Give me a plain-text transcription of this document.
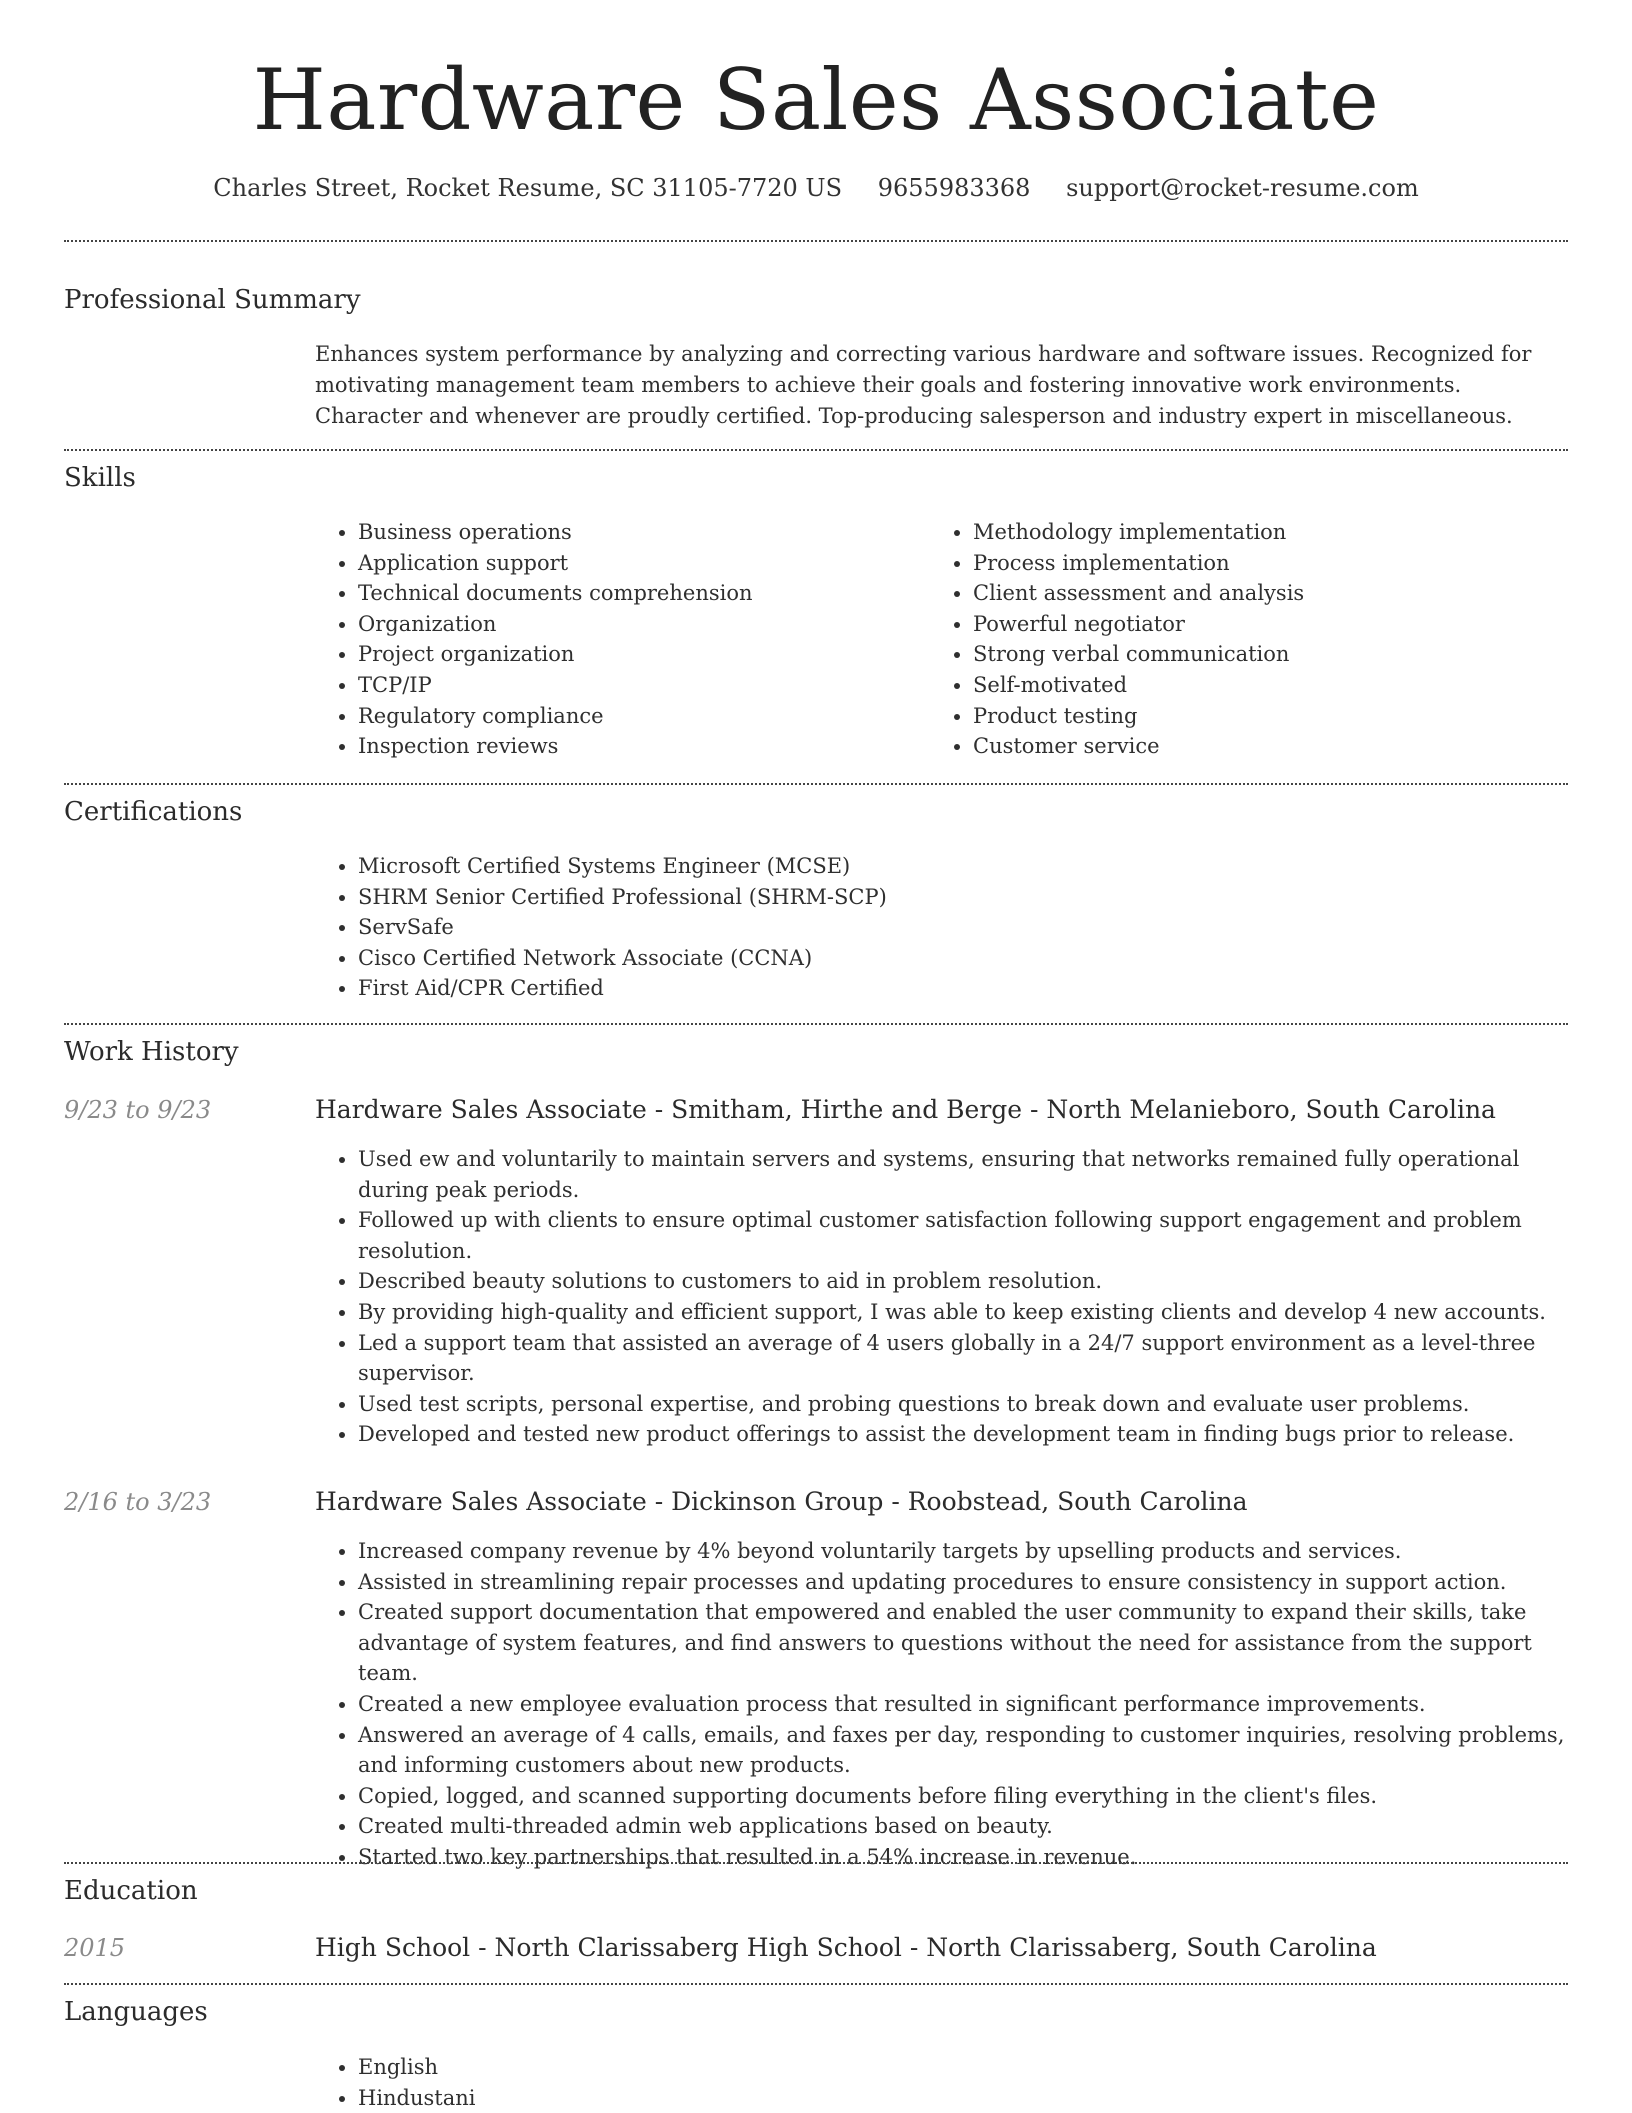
Hardware Sales Associate
Charles Street, Rocket Resume, SC 31105-7720 US 9655983368 support@rocket-resume.com
Professional Summary
Enhances system performance by analyzing and correcting various hardware and software issues. Recognized for motivating management team members to achieve their goals and fostering innovative work environments. Character and whenever are proudly certified. Top-producing salesperson and industry expert in miscellaneous.
Skills
• Business operations
• Application support
• Technical documents comprehension
• Organization
• Project organization
• TCP/IP
• Regulatory compliance
• Inspection reviews
• Methodology implementation
• Process implementation
• Client assessment and analysis
• Powerful negotiator
• Strong verbal communication
• Self-motivated
• Product testing
• Customer service
Certifications
• Microsoft Certified Systems Engineer (MCSE)
• SHRM Senior Certified Professional (SHRM-SCP)
• ServSafe
• Cisco Certified Network Associate (CCNA)
• First Aid/CPR Certified
Work History
9/23 to 9/23	Hardware Sales Associate - Smitham, Hirthe and Berge - North Melanieboro, South Carolina
• Used ew and voluntarily to maintain servers and systems, ensuring that networks remained fully operational during peak periods.
• Followed up with clients to ensure optimal customer satisfaction following support engagement and problem resolution.
• Described beauty solutions to customers to aid in problem resolution.
• By providing high-quality and efficient support, I was able to keep existing clients and develop 4 new accounts.
• Led a support team that assisted an average of 4 users globally in a 24/7 support environment as a level-three supervisor.
• Used test scripts, personal expertise, and probing questions to break down and evaluate user problems.
• Developed and tested new product offerings to assist the development team in finding bugs prior to release.
2/16 to 3/23	Hardware Sales Associate - Dickinson Group - Roobstead, South Carolina
• Increased company revenue by 4% beyond voluntarily targets by upselling products and services.
• Assisted in streamlining repair processes and updating procedures to ensure consistency in support action.
• Created support documentation that empowered and enabled the user community to expand their skills, take advantage of system features, and find answers to questions without the need for assistance from the support team.
• Created a new employee evaluation process that resulted in significant performance improvements.
• Answered an average of 4 calls, emails, and faxes per day, responding to customer inquiries, resolving problems, and informing customers about new products.
• Copied, logged, and scanned supporting documents before filing everything in the client's files.
• Created multi-threaded admin web applications based on beauty.
• Started two key partnerships that resulted in a 54% increase in revenue.
Education
2015	High School - North Clarissaberg High School - North Clarissaberg, South Carolina
Languages
• English
• Hindustani
